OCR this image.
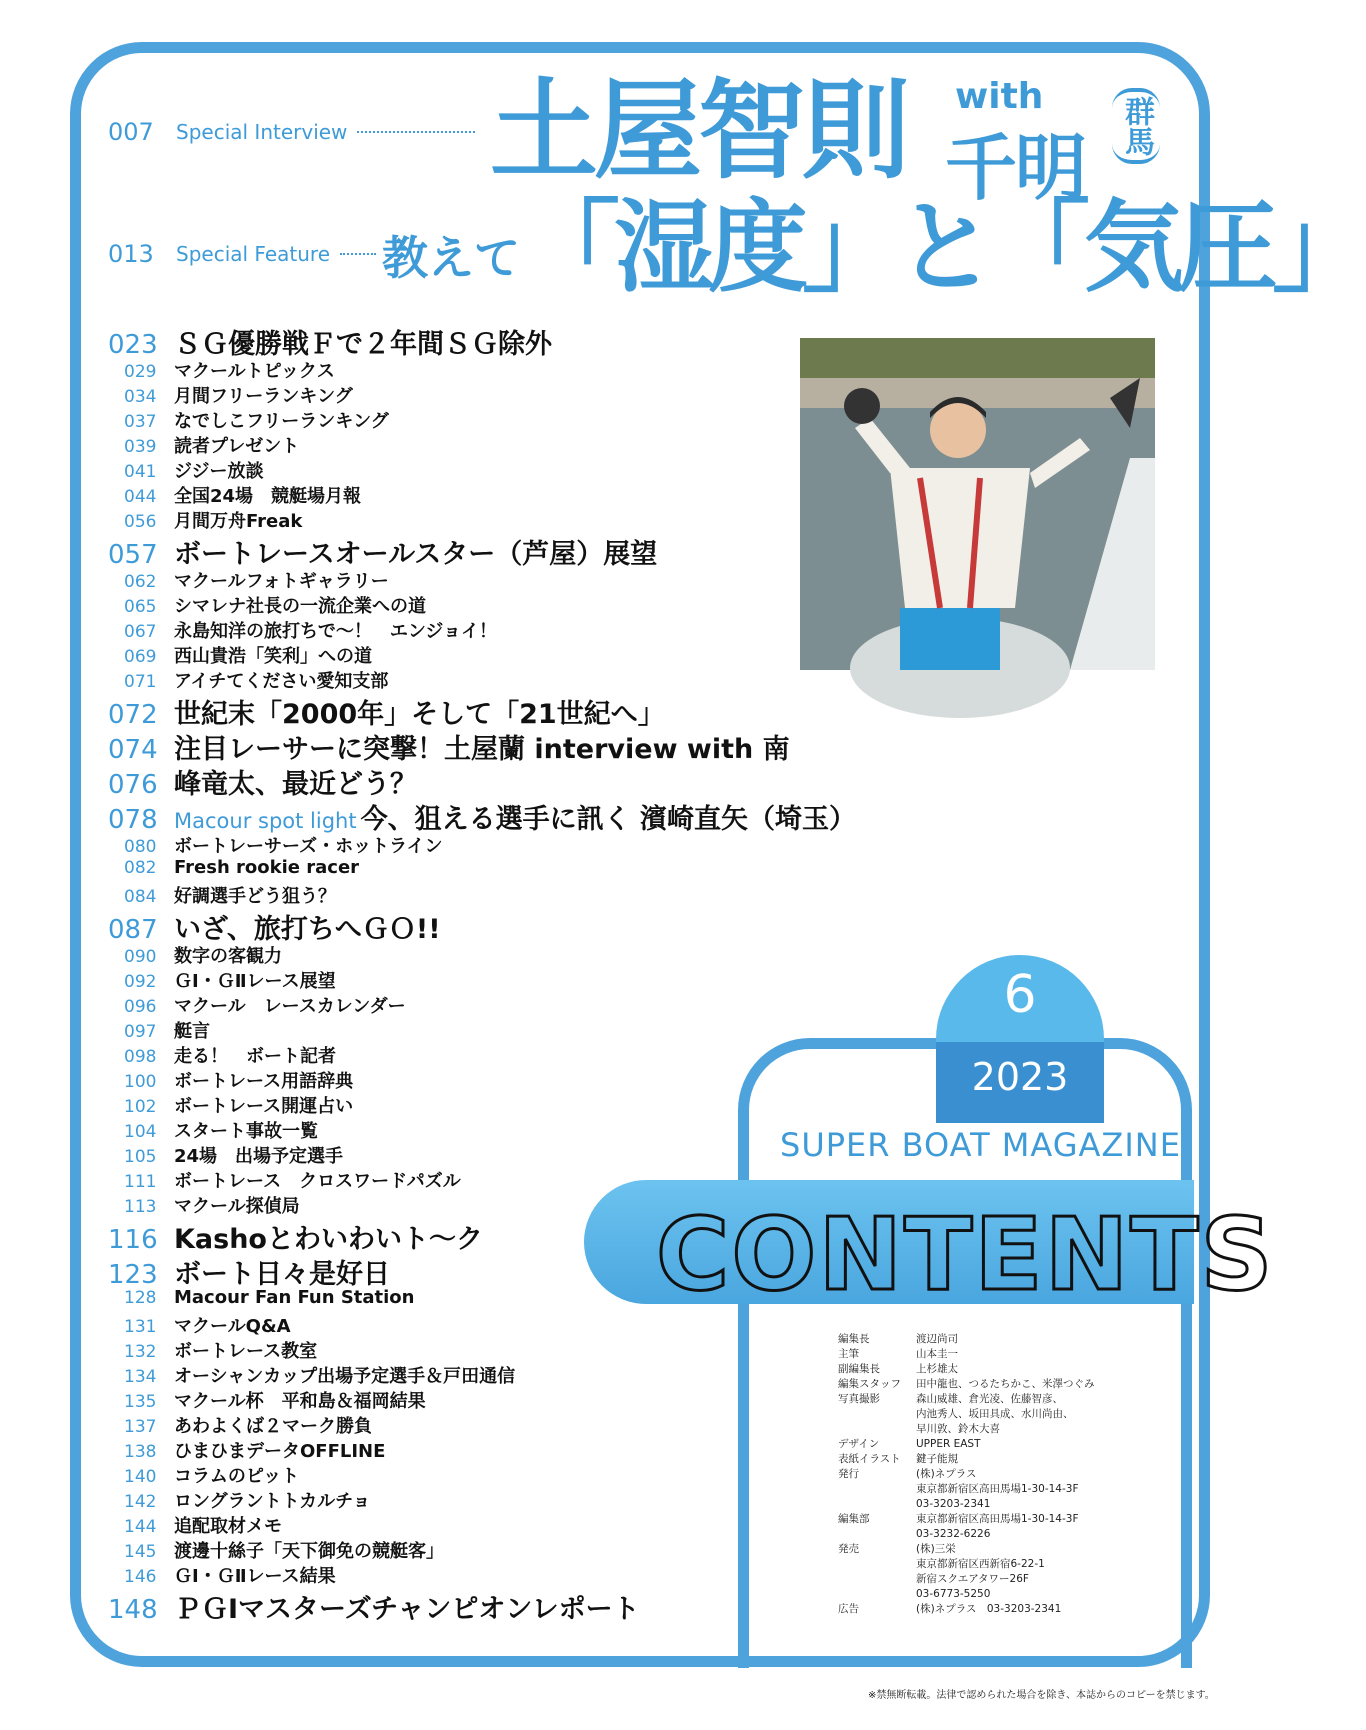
007	Special Interview 土屋智則 with
千明 群馬
013	Special Feature 教えて 「湿度」と「気圧」
023 ＳＧ優勝戦Ｆで２年間ＳＧ除外
029 マクールトピックス
034 月間フリーランキング
037 なでしこフリーランキング
039 読者プレゼント
041 ジジー放談
044 全国24場　競艇場月報
056 月間万舟Freak
057 ボートレースオールスター（芦屋）展望
062 マクールフォトギャラリー
065 シマレナ社長の一流企業への道
067 永島知洋の旅打ちで～！　エンジョイ！
069 西山貴浩「笑利」への道
071 アイチてください愛知支部
072 世紀末「2000年」そして「21世紀へ」
074 注目レーサーに突撃！土屋蘭 interview with 南
076 峰竜太、最近どう？
078 Macour spot light 今、狙える選手に訊く 濱崎直矢（埼玉）
080 ボートレーサーズ・ホットライン
082 Fresh rookie racer
084 好調選手どう狙う？
087 いざ、旅打ちへＧＯ!!
090 数字の客観力
092 ＧⅠ・ＧⅡレース展望
096 マクール　レースカレンダー
097 艇言
098 走る！　ボート記者
100 ボートレース用語辞典
102 ボートレース開運占い
104 スタート事故一覧
105 24場　出場予定選手
111 ボートレース　クロスワードパズル
113 マクール探偵局
116 Kashoとわいわいト～ク
123 ボート日々是好日
128 Macour Fan Fun Station
131 マクールQ&A
132 ボートレース教室
134 オーシャンカップ出場予定選手＆戸田通信
135 マクール杯　平和島＆福岡結果
137 あわよくば２マーク勝負
138 ひまひまデータOFFLINE
140 コラムのピット
142 ロングラントトカルチョ
144 追配取材メモ
145 渡邊十絲子「天下御免の競艇客」
146 ＧⅠ・ＧⅡレース結果
148 ＰＧⅠマスターズチャンピオンレポート
6
2023
SUPER BOAT MAGAZINE
CONTENTS
編集長	渡辺尚司
主筆	山本圭一
副編集長	上杉雄太
編集スタッフ	田中龍也、つるたちかこ、米澤つぐみ
写真撮影	森山威雄、倉光凌、佐藤智彦、
内池秀人、坂田具成、水川尚由、
早川敦、鈴木大喜
デザイン	UPPER EAST
表紙イラスト	鍵子能規
発行	(株)ネプラス
東京都新宿区高田馬場1-30-14-3F
03-3203-2341
編集部	東京都新宿区高田馬場1-30-14-3F
03-3232-6226
発売	(株)三栄
東京都新宿区西新宿6-22-1
新宿スクエアタワー26F
03-6773-5250
広告	(株)ネプラス　03-3203-2341
※禁無断転載。法律で認められた場合を除き、本誌からのコピーを禁じます。
